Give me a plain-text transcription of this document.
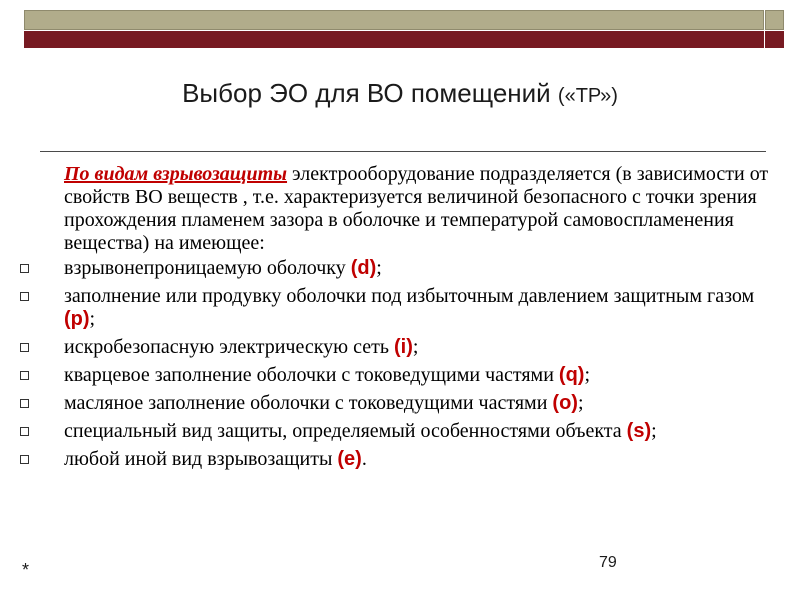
Выбор ЭО для ВО помещений («ТР»)

По видам взрывозащиты электрооборудование подразделяется (в зависимости от свойств ВО веществ , т.е. характеризуется величиной безопасного с точки зрения прохождения пламенем зазора в оболочке и температурой самовоспламенения вещества) на имеющее:

взрывонепроницаемую оболочку (d);
заполнение или продувку оболочки под избыточным давлением защитным газом (р);
искробезопасную электрическую сеть (i);
кварцевое заполнение оболочки с токоведущими частями (q);
масляное заполнение оболочки с токоведущими частями (о);
специальный вид защиты, определяемый особенностями объекта (s);
любой иной вид взрывозащиты (е).
79
*
